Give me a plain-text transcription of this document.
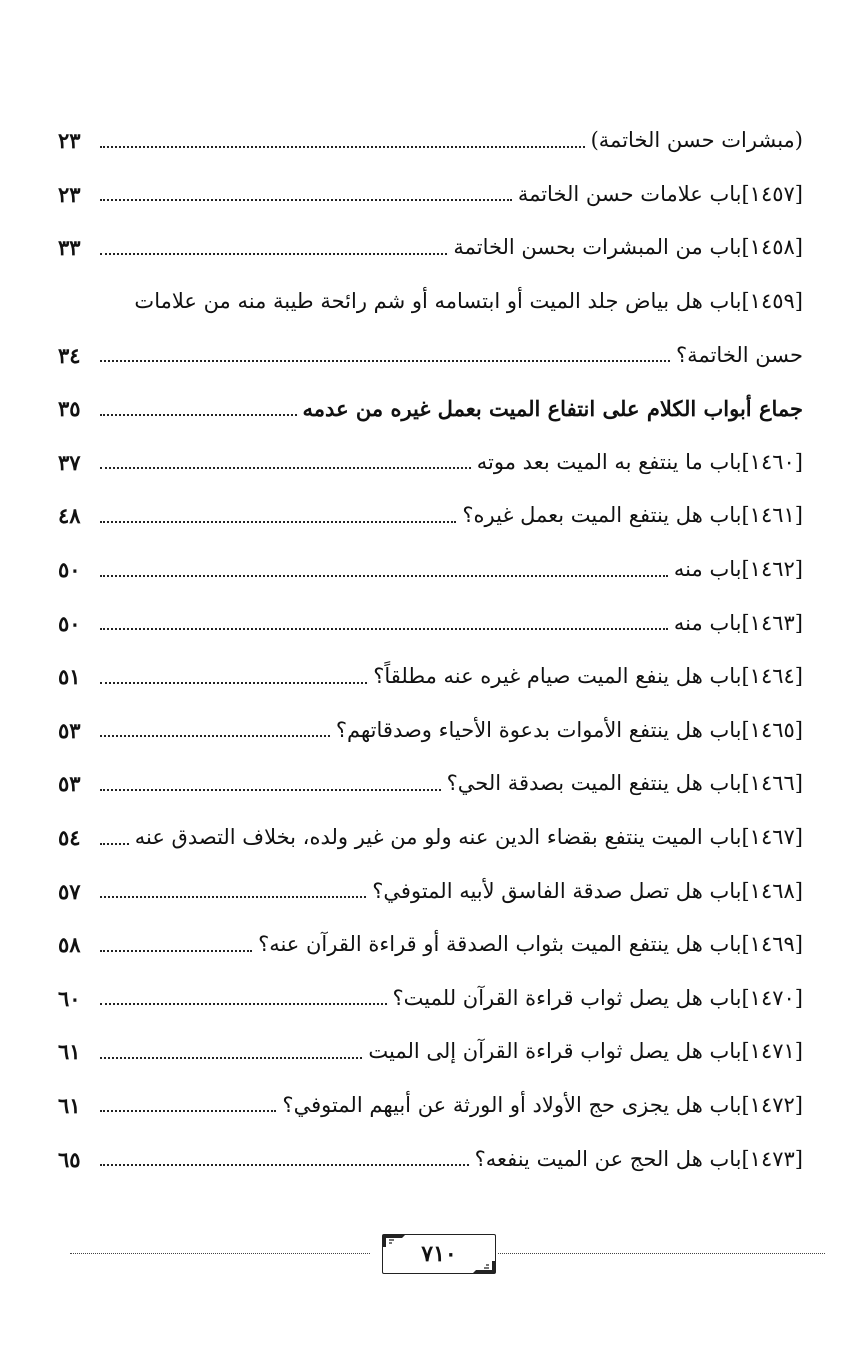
(مبشرات حسن الخاتمة)
٢٣
[١٤٥٧]باب علامات حسن الخاتمة
٢٣
[١٤٥٨]باب من المبشرات بحسن الخاتمة
٣٣
[١٤٥٩]باب هل بياض جلد الميت أو ابتسامه أو شم رائحة طيبة منه من علامات
حسن الخاتمة؟
٣٤
جماع أبواب الكلام على انتفاع الميت بعمل غيره من عدمه
٣٥
[١٤٦٠]باب ما ينتفع به الميت بعد موته
٣٧
[١٤٦١]باب هل ينتفع الميت بعمل غيره؟
٤٨
[١٤٦٢]باب منه
٥٠
[١٤٦٣]باب منه
٥٠
[١٤٦٤]باب هل ينفع الميت صيام غيره عنه مطلقاً؟
٥١
[١٤٦٥]باب هل ينتفع الأموات بدعوة الأحياء وصدقاتهم؟
٥٣
[١٤٦٦]باب هل ينتفع الميت بصدقة الحي؟
٥٣
[١٤٦٧]باب الميت ينتفع بقضاء الدين عنه ولو من غير ولده، بخلاف التصدق عنه
٥٤
[١٤٦٨]باب هل تصل صدقة الفاسق لأبيه المتوفي؟
٥٧
[١٤٦٩]باب هل ينتفع الميت بثواب الصدقة أو قراءة القرآن عنه؟
٥٨
[١٤٧٠]باب هل يصل ثواب قراءة القرآن للميت؟
٦٠
[١٤٧١]باب هل يصل ثواب قراءة القرآن إلى الميت
٦١
[١٤٧٢]باب هل يجزى حج الأولاد أو الورثة عن أبيهم المتوفي؟
٦١
[١٤٧٣]باب هل الحج عن الميت ينفعه؟
٦٥
٧١٠
